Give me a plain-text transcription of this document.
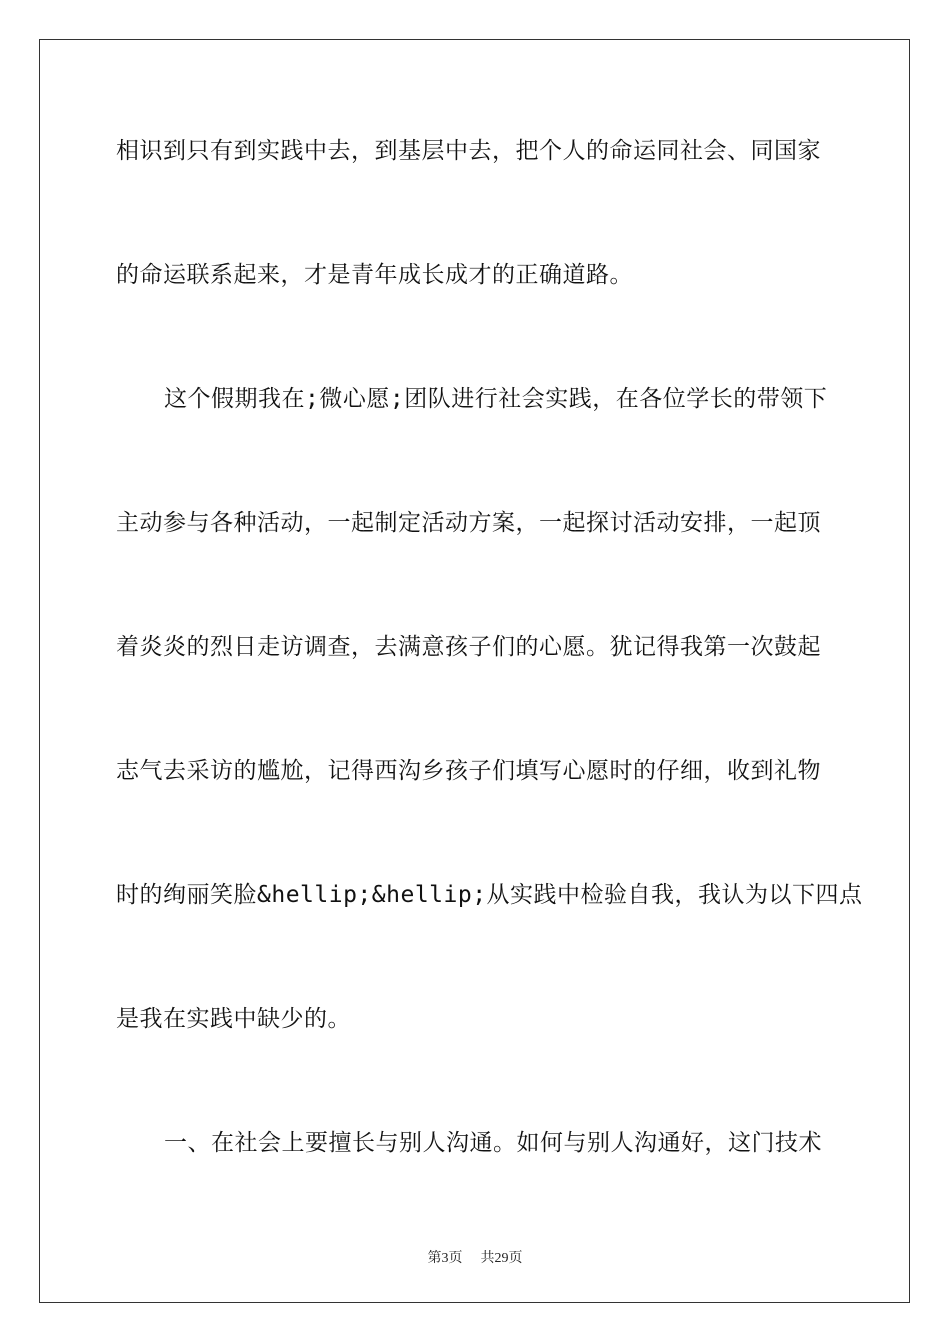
相识到只有到实践中去，到基层中去，把个人的命运同社会、同国家
的命运联系起来，才是青年成长成才的正确道路。
这个假期我在;微心愿;团队进行社会实践，在各位学长的带领下
主动参与各种活动，一起制定活动方案，一起探讨活动安排，一起顶
着炎炎的烈日走访调查，去满意孩子们的心愿。犹记得我第一次鼓起
志气去采访的尴尬，记得西沟乡孩子们填写心愿时的仔细，收到礼物
时的绚丽笑脸&hellip;&hellip;从实践中检验自我，我认为以下四点
是我在实践中缺少的。
一、在社会上要擅长与别人沟通。如何与别人沟通好，这门技术
第3页 共29页
